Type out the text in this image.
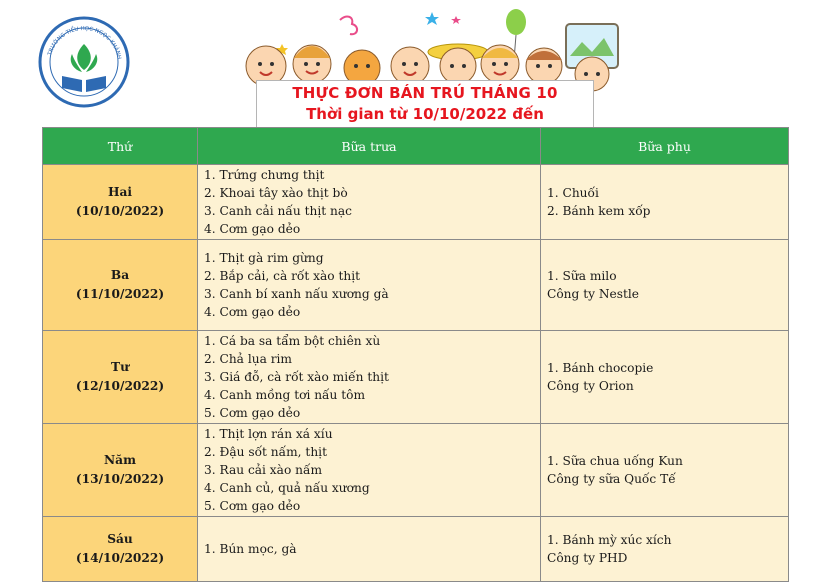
TRƯỜNG TIỂU HỌC NGỌC KHÁNH
THỰC ĐƠN BÁN TRÚ THÁNG 10
Thời gian từ 10/10/2022 đến
Thứ	Bữa trưa	Bữa phụ

Hai
(10/10/2022)	1. Trứng chưng thịt
2. Khoai tây xào thịt bò
3. Canh cải nấu thịt nạc
4. Cơm gạo dẻo	1. Chuối
2. Bánh kem xốp

Ba
(11/10/2022)	1. Thịt gà rim gừng
2. Bắp cải, cà rốt xào thịt
3. Canh bí xanh nấu xương gà
4. Cơm gạo dẻo	1. Sữa milo
Công ty Nestle

Tư
(12/10/2022)	1. Cá ba sa tẩm bột chiên xù
2. Chả lụa rim
3. Giá đỗ, cà rốt xào miến thịt
4. Canh mồng tơi nấu tôm
5. Cơm gạo dẻo	1. Bánh chocopie
Công ty Orion

Năm
(13/10/2022)	1. Thịt lợn rán xá xíu
2. Đậu sốt nấm, thịt
3. Rau cải xào nấm
4. Canh củ, quả nấu xương
5. Cơm gạo dẻo	1. Sữa chua uống Kun
Công ty sữa Quốc Tế

Sáu
(14/10/2022)	1. Bún mọc, gà	1. Bánh mỳ xúc xích
Công ty PHD
